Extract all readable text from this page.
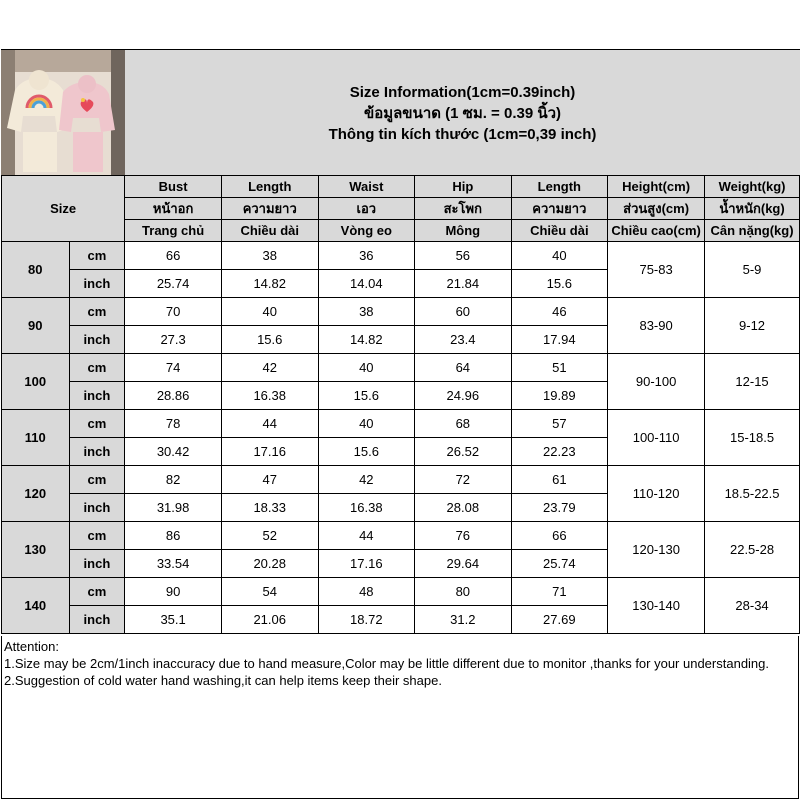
Size Information(1cm=0.39inch)
ข้อมูลขนาด (1 ซม. = 0.39 นิ้ว)
Thông tin kích thước (1cm=0,39 inch)
Size		Bust	Length	Waist	Hip	Length	Height(cm)	Weight(kg)
		หน้าอก	ความยาว	เอว	สะโพก	ความยาว	ส่วนสูง(cm)	น้ำหนัก(kg)
		Trang chủ	Chiều dài	Vòng eo	Mông	Chiều dài	Chiều cao(cm)	Cân nặng(kg)
80	cm	66	38	36	56	40	75-83	5-9
	inch	25.74	14.82	14.04	21.84	15.6		
90	cm	70	40	38	60	46	83-90	9-12
	inch	27.3	15.6	14.82	23.4	17.94		
100	cm	74	42	40	64	51	90-100	12-15
	inch	28.86	16.38	15.6	24.96	19.89		
110	cm	78	44	40	68	57	100-110	15-18.5
	inch	30.42	17.16	15.6	26.52	22.23		
120	cm	82	47	42	72	61	110-120	18.5-22.5
	inch	31.98	18.33	16.38	28.08	23.79		
130	cm	86	52	44	76	66	120-130	22.5-28
	inch	33.54	20.28	17.16	29.64	25.74		
140	cm	90	54	48	80	71	130-140	28-34
	inch	35.1	21.06	18.72	31.2	27.69		
Attention:
1.Size may be 2cm/1inch inaccuracy due to hand measure,Color may be little different due to monitor ,thanks for your understanding.
2.Suggestion of cold water hand washing,it can help items keep their shape.
